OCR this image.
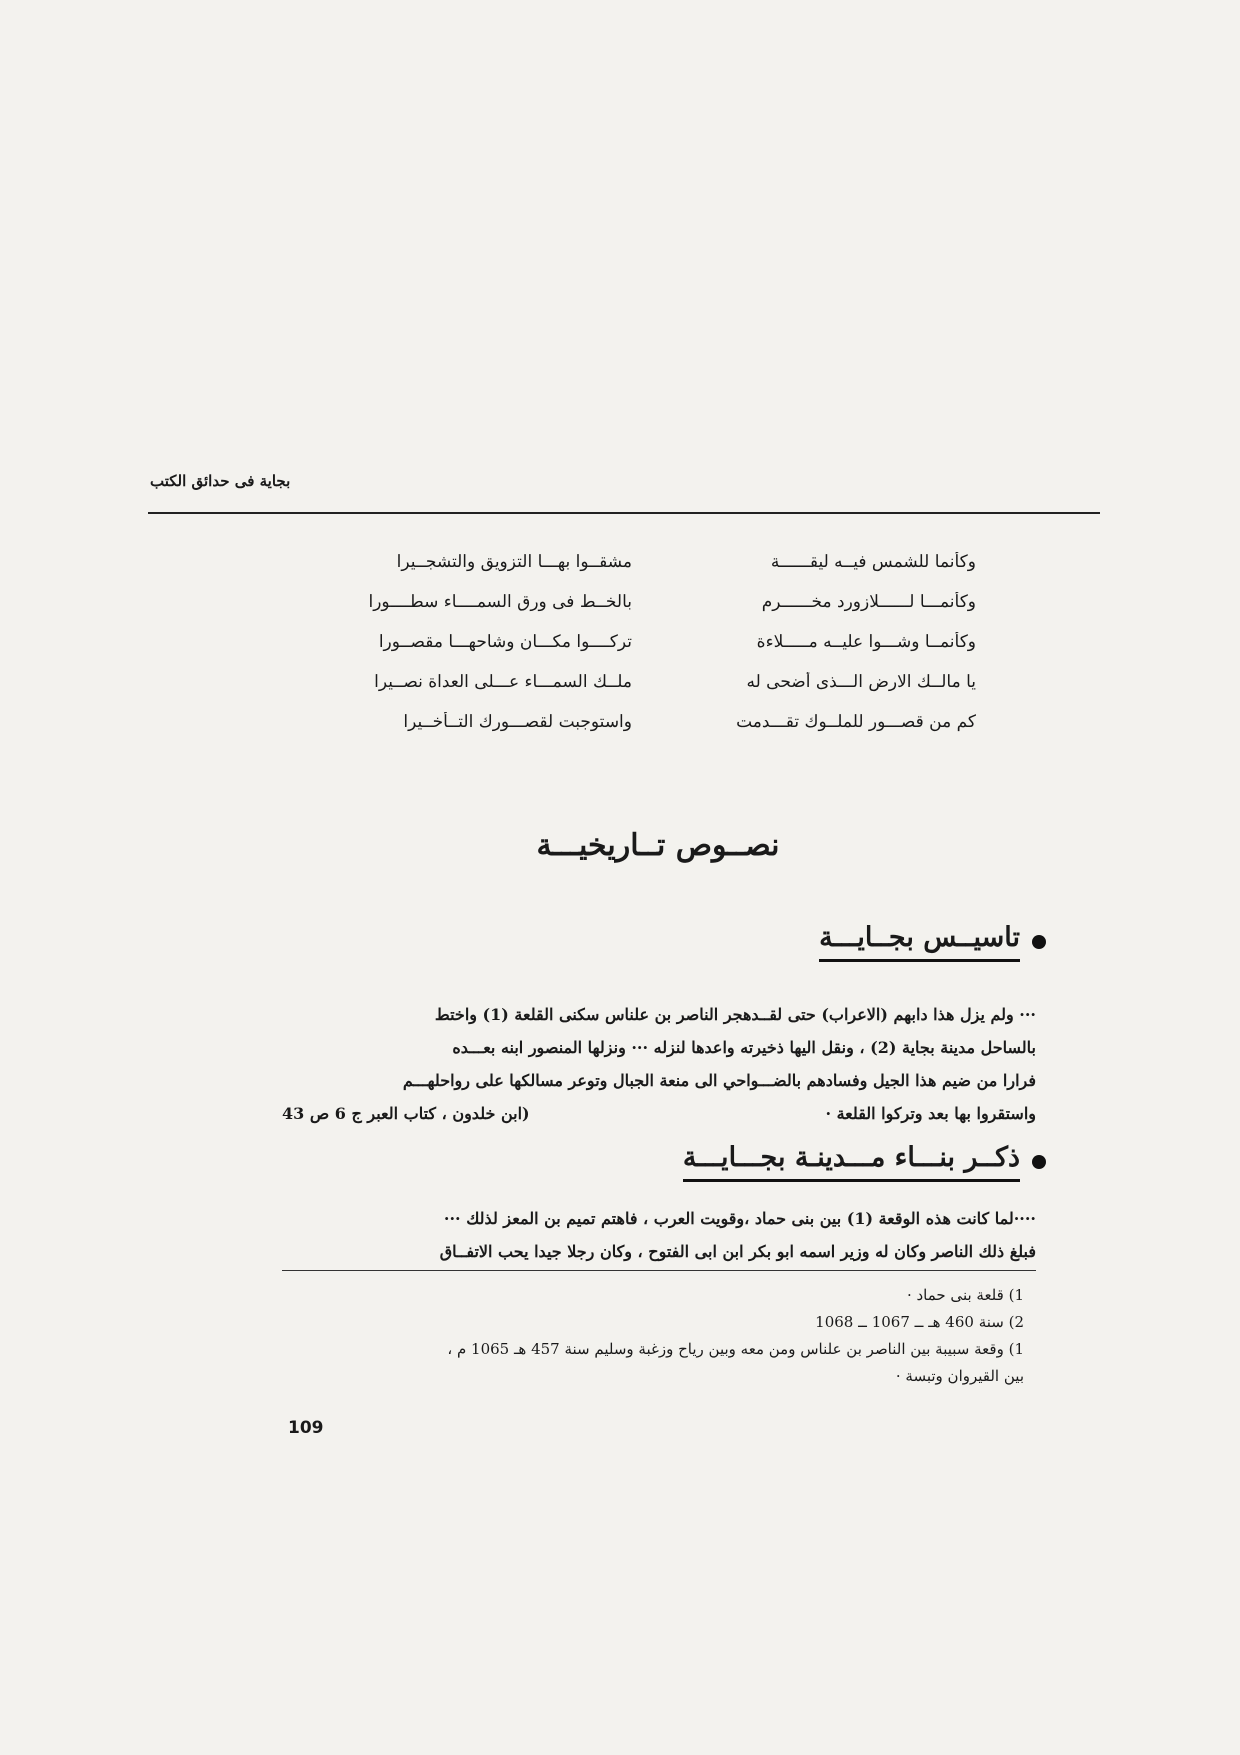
بجاية فى حدائق الكتب
وكأنما للشمس فيــه ليقــــــة
مشقــوا بهـــا التزويق والتشجــيرا
وكأنمـــا لــــــلازورد مخــــــرم
بالخــط فى ورق السمــــاء سطــــورا
وكأنمــا وشـــوا عليــه مـــــلاءة
تركــــوا مكـــان وشاحهـــا مقصــورا
يا مالــك الارض الـــذى أضحى له
ملــك السمـــاء عـــلى العداة نصــيرا
كم من قصـــور للملــوك تقـــدمت
واستوجبت لقصـــورك التــأخــيرا
نصــوص تــاريخيـــة
تاسيــس بجــايـــة

··· ولم يزل هذا دابهم (الاعراب) حتى لقــدهجر الناصر بن علناس سكنى القلعة (1) واختط

بالساحل مدينة بجاية (2) ، ونقل اليها ذخيرته واعدها لنزله ··· ونزلها المنصور ابنه بعـــده

فرارا من ضيم هذا الجيل وفسادهم بالضـــواحي الى منعة الجبال وتوعر مسالكها على رواحلهـــم

واستقروا بها بعد وتركوا القلعة ·
(ابن خلدون ، كتاب العبر ج 6 ص 43

ذكــر بنـــاء مـــدينـة بجـــايـــة

····لما كانت هذه الوقعة (1) بين بنى حماد ،وقويت العرب ، فاهتم تميم بن المعز لذلك ···

فبلغ ذلك الناصر وكان له وزير اسمه ابو بكر ابن ابى الفتوح ، وكان رجلا جيدا يحب الاتفــاق

1) قلعة بنى حماد ·

2) سنة 460 هـ ــ 1067 ــ 1068

1) وقعة سبيبة بين الناصر بن علناس ومن معه وبين رياح وزغبة وسليم سنة 457 هـ 1065 م ،

بين القيروان وتبسة ·

109
